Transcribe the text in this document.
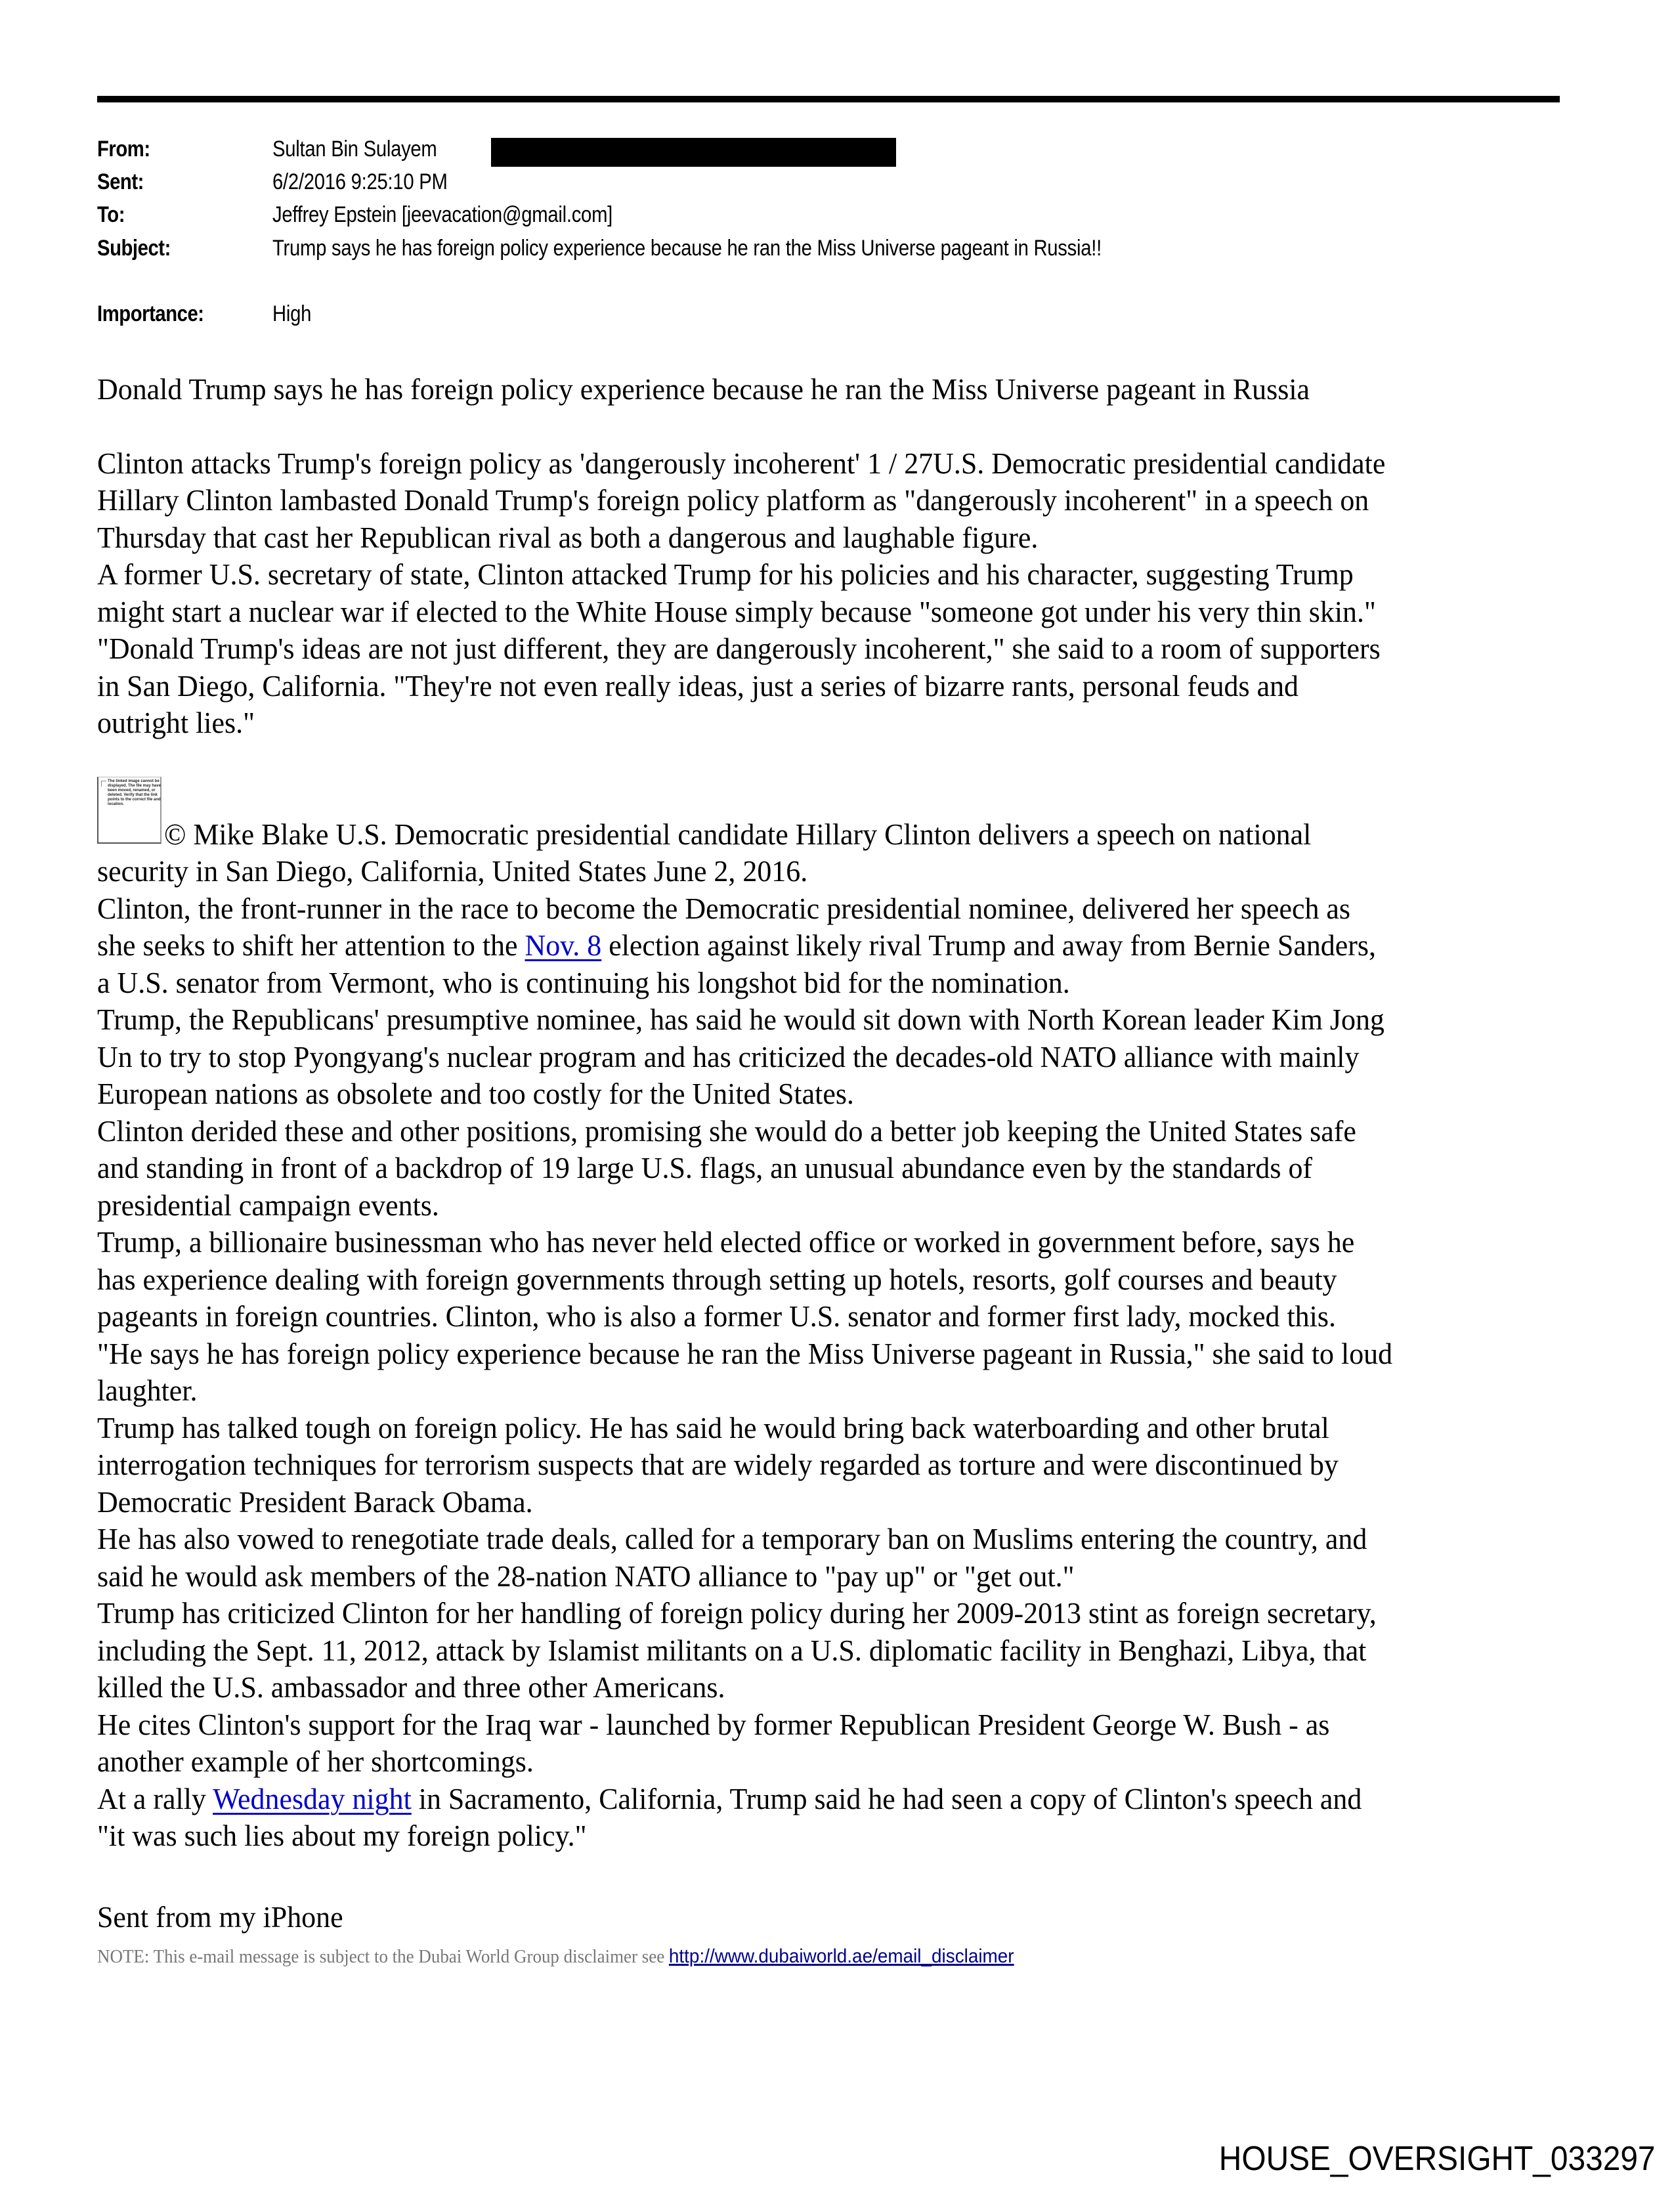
From:	Sultan Bin Sulayem
Sent:	6/2/2016 9:25:10 PM
To:	Jeffrey Epstein [jeevacation@gmail.com]
Subject:	Trump says he has foreign policy experience because he ran the Miss Universe pageant in Russia!!
Importance:	High
Donald Trump says he has foreign policy experience because he ran the Miss Universe pageant in Russia
Clinton attacks Trump's foreign policy as 'dangerously incoherent' 1 / 27U.S. Democratic presidential candidate
Hillary Clinton lambasted Donald Trump's foreign policy platform as "dangerously incoherent" in a speech on
Thursday that cast her Republican rival as both a dangerous and laughable figure.
A former U.S. secretary of state, Clinton attacked Trump for his policies and his character, suggesting Trump
might start a nuclear war if elected to the White House simply because "someone got under his very thin skin."
"Donald Trump's ideas are not just different, they are dangerously incoherent," she said to a room of supporters
in San Diego, California. "They're not even really ideas, just a series of bizarre rants, personal feuds and
outright lies."
The linked image cannot be displayed. The file may have been moved, renamed, or deleted. Verify that the link points to the correct file and location.
© Mike Blake U.S. Democratic presidential candidate Hillary Clinton delivers a speech on national
security in San Diego, California, United States June 2, 2016.
Clinton, the front-runner in the race to become the Democratic presidential nominee, delivered her speech as
she seeks to shift her attention to the Nov. 8 election against likely rival Trump and away from Bernie Sanders,
a U.S. senator from Vermont, who is continuing his longshot bid for the nomination.
Trump, the Republicans' presumptive nominee, has said he would sit down with North Korean leader Kim Jong
Un to try to stop Pyongyang's nuclear program and has criticized the decades-old NATO alliance with mainly
European nations as obsolete and too costly for the United States.
Clinton derided these and other positions, promising she would do a better job keeping the United States safe
and standing in front of a backdrop of 19 large U.S. flags, an unusual abundance even by the standards of
presidential campaign events.
Trump, a billionaire businessman who has never held elected office or worked in government before, says he
has experience dealing with foreign governments through setting up hotels, resorts, golf courses and beauty
pageants in foreign countries. Clinton, who is also a former U.S. senator and former first lady, mocked this.
"He says he has foreign policy experience because he ran the Miss Universe pageant in Russia," she said to loud
laughter.
Trump has talked tough on foreign policy. He has said he would bring back waterboarding and other brutal
interrogation techniques for terrorism suspects that are widely regarded as torture and were discontinued by
Democratic President Barack Obama.
He has also vowed to renegotiate trade deals, called for a temporary ban on Muslims entering the country, and
said he would ask members of the 28-nation NATO alliance to "pay up" or "get out."
Trump has criticized Clinton for her handling of foreign policy during her 2009-2013 stint as foreign secretary,
including the Sept. 11, 2012, attack by Islamist militants on a U.S. diplomatic facility in Benghazi, Libya, that
killed the U.S. ambassador and three other Americans.
He cites Clinton's support for the Iraq war - launched by former Republican President George W. Bush - as
another example of her shortcomings.
At a rally Wednesday night in Sacramento, California, Trump said he had seen a copy of Clinton's speech and
"it was such lies about my foreign policy."
Sent from my iPhone
NOTE: This e-mail message is subject to the Dubai World Group disclaimer see http://www.dubaiworld.ae/email_disclaimer
HOUSE_OVERSIGHT_033297
